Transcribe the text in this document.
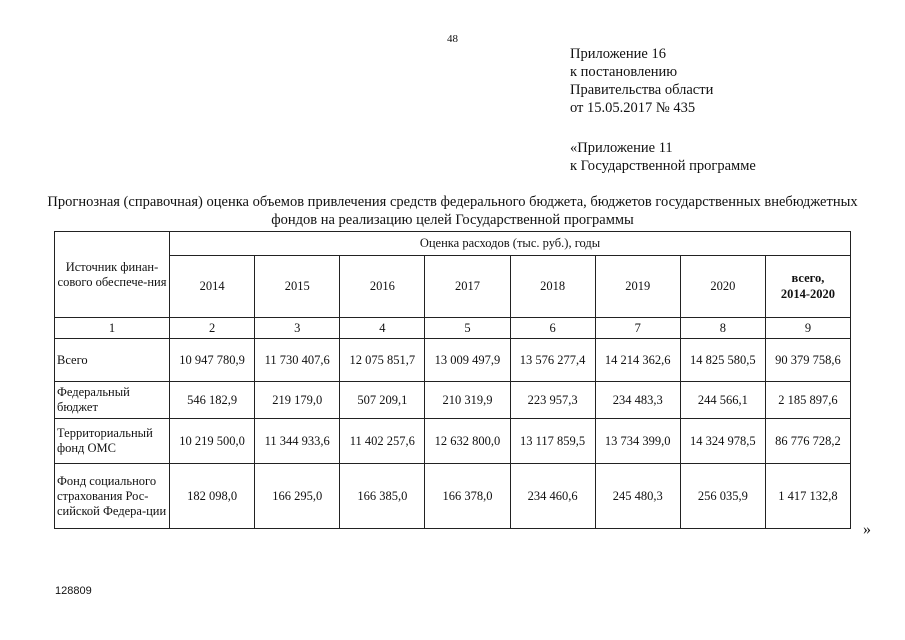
48
Приложение 16
к постановлению
Правительства области
от 15.05.2017 № 435
«Приложение 11
к Государственной программе
Прогнозная (справочная) оценка объемов привлечения средств федерального бюджета, бюджетов государственных внебюджетных фондов на реализацию целей Государственной программы
Источник финан-сового обеспече-ния	Оценка расходов (тыс. руб.), годы							
	2014	2015	2016	2017	2018	2019	2020	всего,
2014-2020

1	2	3	4	5	6	7	8	9
Всего	10 947 780,9	11 730 407,6	12 075 851,7	13 009 497,9	13 576 277,4	14 214 362,6	14 825 580,5	90 379 758,6
Федеральный бюджет	546 182,9	219 179,0	507 209,1	210 319,9	223 957,3	234 483,3	244 566,1	2 185 897,6
Территориальный фонд ОМС	10 219 500,0	11 344 933,6	11 402 257,6	12 632 800,0	13 117 859,5	13 734 399,0	14 324 978,5	86 776 728,2
Фонд социального страхования Рос-сийской Федера-ции	182 098,0	166 295,0	166 385,0	166 378,0	234 460,6	245 480,3	256 035,9	1 417 132,8
»
128809
